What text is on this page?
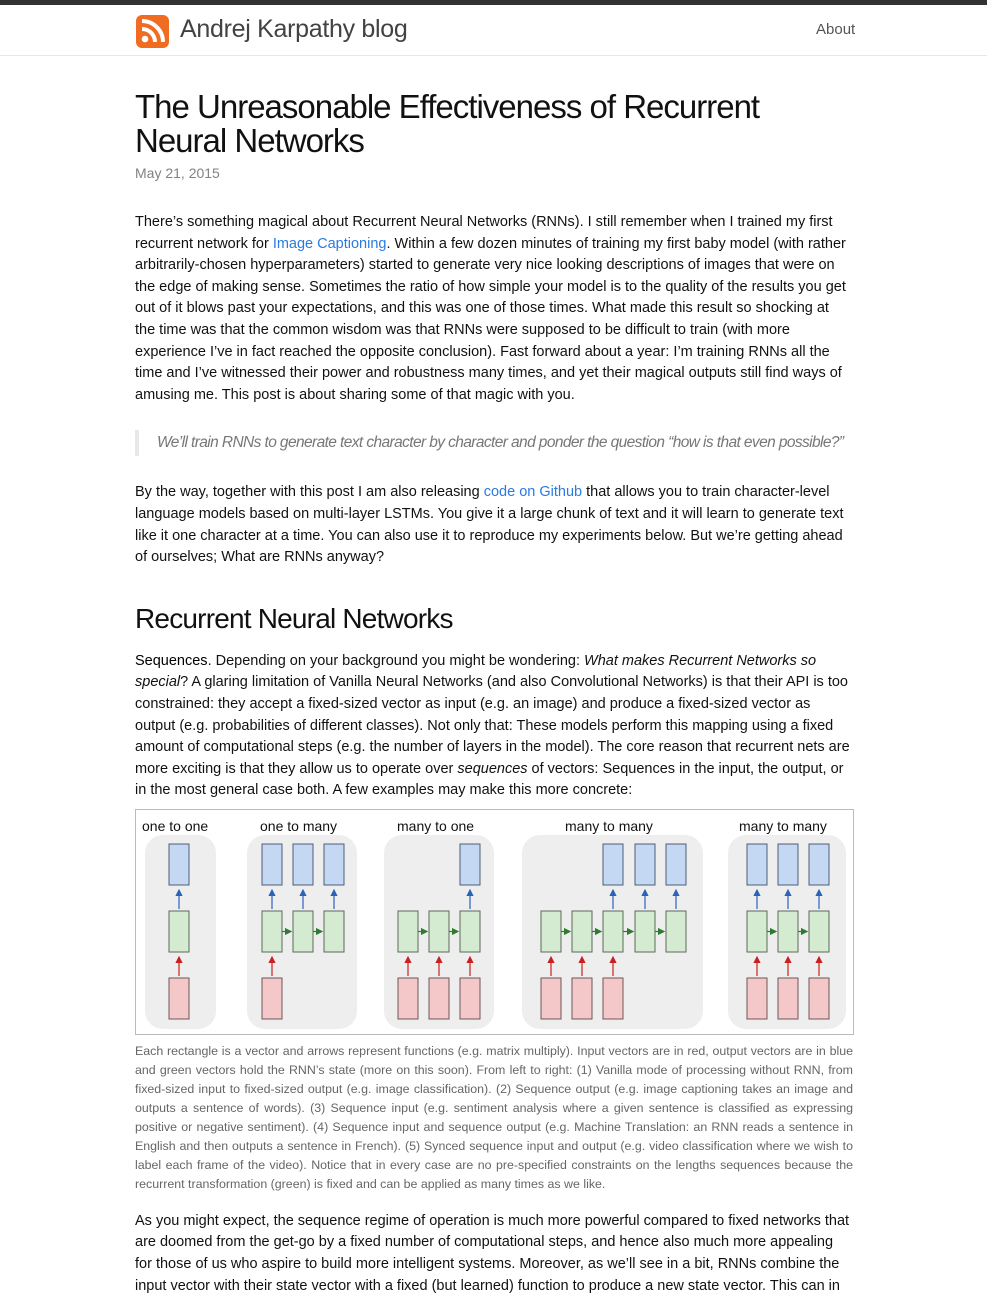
Andrej Karpathy blog	About
The Unreasonable Effectiveness of Recurrent Neural Networks
May 21, 2015

There’s something magical about Recurrent Neural Networks (RNNs). I still remember when I trained my first recurrent network for Image Captioning. Within a few dozen minutes of training my first baby model (with rather arbitrarily-chosen hyperparameters) started to generate very nice looking descriptions of images that were on the edge of making sense. Sometimes the ratio of how simple your model is to the quality of the results you get out of it blows past your expectations, and this was one of those times. What made this result so shocking at the time was that the common wisdom was that RNNs were supposed to be difficult to train (with more experience I’ve in fact reached the opposite conclusion). Fast forward about a year: I’m training RNNs all the time and I’ve witnessed their power and robustness many times, and yet their magical outputs still find ways of amusing me. This post is about sharing some of that magic with you.

We’ll train RNNs to generate text character by character and ponder the question “how is that even possible?”

By the way, together with this post I am also releasing code on Github that allows you to train character-level language models based on multi-layer LSTMs. You give it a large chunk of text and it will learn to generate text like it one character at a time. You can also use it to reproduce my experiments below. But we’re getting ahead of ourselves; What are RNNs anyway?

Recurrent Neural Networks

Sequences. Depending on your background you might be wondering: What makes Recurrent Networks so special? A glaring limitation of Vanilla Neural Networks (and also Convolutional Networks) is that their API is too constrained: they accept a fixed-sized vector as input (e.g. an image) and produce a fixed-sized vector as output (e.g. probabilities of different classes). Not only that: These models perform this mapping using a fixed amount of computational steps (e.g. the number of layers in the model). The core reason that recurrent nets are more exciting is that they allow us to operate over sequences of vectors: Sequences in the input, the output, or in the most general case both. A few examples may make this more concrete:

one to one	one to many	many to one	many to many	many to many

Each rectangle is a vector and arrows represent functions (e.g. matrix multiply). Input vectors are in red, output vectors are in blue and green vectors hold the RNN’s state (more on this soon). From left to right: (1) Vanilla mode of processing without RNN, from fixed-sized input to fixed-sized output (e.g. image classification). (2) Sequence output (e.g. image captioning takes an image and outputs a sentence of words). (3) Sequence input (e.g. sentiment analysis where a given sentence is classified as expressing positive or negative sentiment). (4) Sequence input and sequence output (e.g. Machine Translation: an RNN reads a sentence in English and then outputs a sentence in French). (5) Synced sequence input and output (e.g. video classification where we wish to label each frame of the video). Notice that in every case are no pre-specified constraints on the lengths sequences because the recurrent transformation (green) is fixed and can be applied as many times as we like.

As you might expect, the sequence regime of operation is much more powerful compared to fixed networks that are doomed from the get-go by a fixed number of computational steps, and hence also much more appealing for those of us who aspire to build more intelligent systems. Moreover, as we’ll see in a bit, RNNs combine the input vector with their state vector with a fixed (but learned) function to produce a new state vector. This can in
